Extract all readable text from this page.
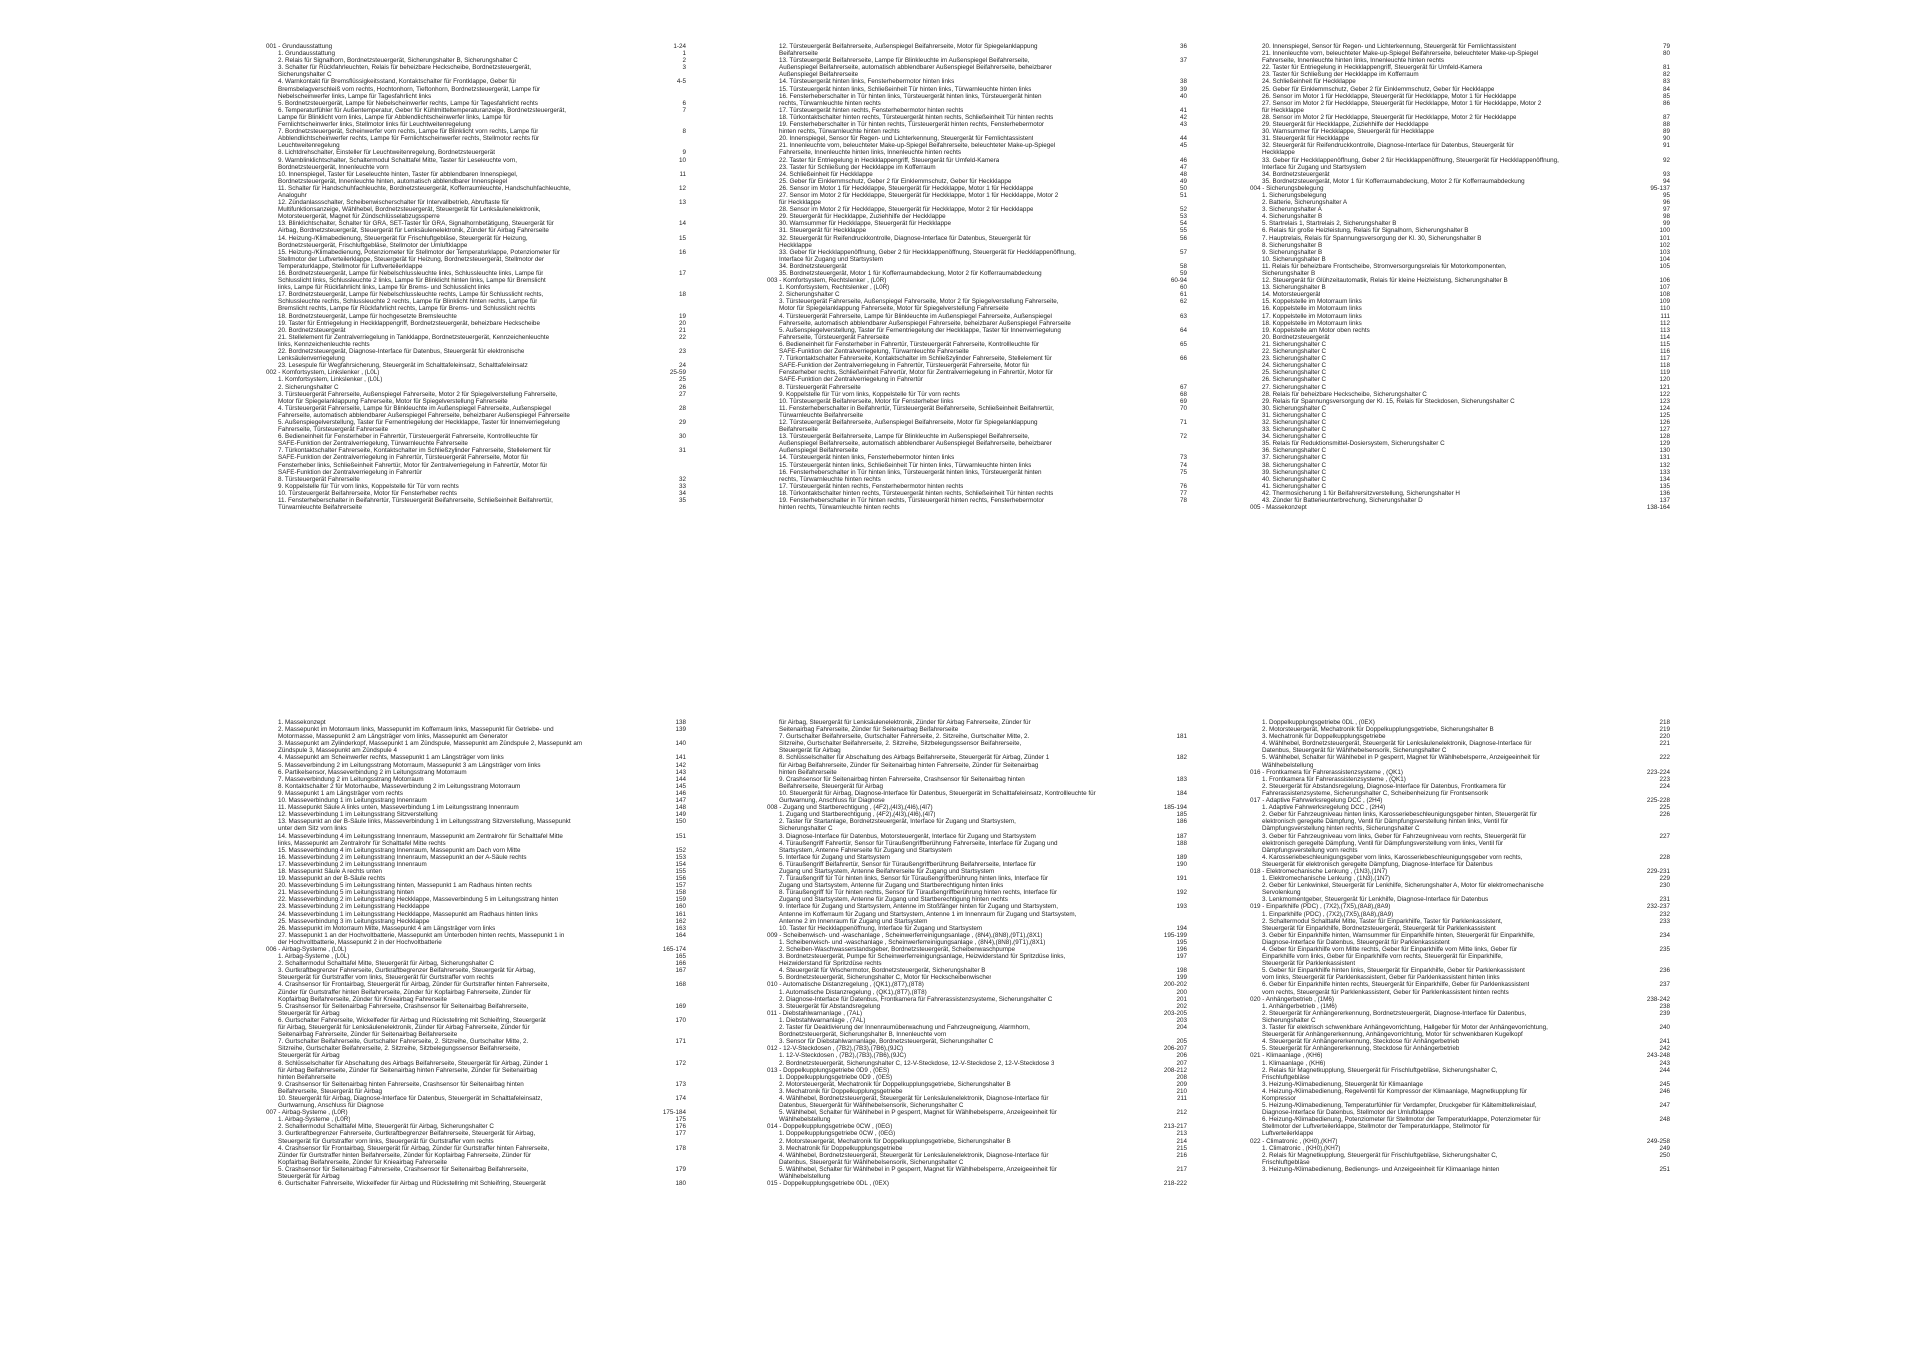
001 - Grundausstattung	1-24
1. Grundausstattung	1
2. Relais für Signalhorn, Bordnetzsteuergerät, Sicherungshalter B, Sicherungshalter C	2
3. Schalter für Rückfahrleuchten, Relais für beheizbare Heckscheibe, Bordnetzsteuergerät,	3
Sicherungshalter C
4. Warnkontakt für Bremsflüssigkeitsstand, Kontaktschalter für Frontklappe, Geber für	4-5
Bremsbelagverschleiß vorn rechts, Hochtonhorn, Tieftonhorn, Bordnetzsteuergerät, Lampe für
Nebelscheinwerfer links, Lampe für Tagesfahrlicht links
5. Bordnetzsteuergerät, Lampe für Nebelscheinwerfer rechts, Lampe für Tagesfahrlicht rechts	6
6. Temperaturfühler für Außentemperatur, Geber für Kühlmitteltemperaturanzeige, Bordnetzsteuergerät,	7
Lampe für Blinklicht vorn links, Lampe für Abblendlichtscheinwerfer links, Lampe für
Fernlichtscheinwerfer links, Stellmotor links für Leuchtweitenregelung
7. Bordnetzsteuergerät, Scheinwerfer vorn rechts, Lampe für Blinklicht vorn rechts, Lampe für	8
Abblendlichtscheinwerfer rechts, Lampe für Fernlichtscheinwerfer rechts, Stellmotor rechts für
Leuchtweitenregelung
8. Lichtdrehschalter, Einsteller für Leuchtweitenregelung, Bordnetzsteuergerät	9
9. Warnblinklichtschalter, Schaltermodul Schalttafel Mitte, Taster für Leseleuchte vorn,	10
Bordnetzsteuergerät, Innenleuchte vorn
10. Innenspiegel, Taster für Leseleuchte hinten, Taster für abblendbaren Innenspiegel,	11
Bordnetzsteuergerät, Innenleuchte hinten, automatisch abblendbarer Innenspiegel
11. Schalter für Handschuhfachleuchte, Bordnetzsteuergerät, Kofferraumleuchte, Handschuhfachleuchte,	12
Analoguhr
12. Zündanlassschalter, Scheibenwischerschalter für Intervallbetrieb, Abruftaste für	13
Multifunktionsanzeige, Wählhebel, Bordnetzsteuergerät, Steuergerät für Lenksäulenelektronik,
Motorsteuergerät, Magnet für Zündschlüsselabzugssperre
13. Blinklichtschalter, Schalter für GRA, SET-Taster für GRA, Signalhornbetätigung, Steuergerät für	14
Airbag, Bordnetzsteuergerät, Steuergerät für Lenksäulenelektronik, Zünder für Airbag Fahrerseite
14. Heizung-/Klimabedienung, Steuergerät für Frischluftgebläse, Steuergerät für Heizung,	15
Bordnetzsteuergerät, Frischluftgebläse, Stellmotor der Umluftklappe
15. Heizung-/Klimabedienung, Potenziometer für Stellmotor der Temperaturklappe, Potenziometer für	16
Stellmotor der Luftverteilerklappe, Steuergerät für Heizung, Bordnetzsteuergerät, Stellmotor der
Temperaturklappe, Stellmotor für Luftverteilerklappe
16. Bordnetzsteuergerät, Lampe für Nebelschlussleuchte links, Schlussleuchte links, Lampe für	17
Schlusslicht links, Schlussleuchte 2 links, Lampe für Blinklicht hinten links, Lampe für Bremslicht
links, Lampe für Rückfahrlicht links, Lampe für Brems- und Schlusslicht links
17. Bordnetzsteuergerät, Lampe für Nebelschlussleuchte rechts, Lampe für Schlusslicht rechts,	18
Schlussleuchte rechts, Schlussleuchte 2 rechts, Lampe für Blinklicht hinten rechts, Lampe für
Bremslicht rechts, Lampe für Rückfahrlicht rechts, Lampe für Brems- und Schlusslicht rechts
18. Bordnetzsteuergerät, Lampe für hochgesetzte Bremsleuchte	19
19. Taster für Entriegelung in Heckklappengriff, Bordnetzsteuergerät, beheizbare Heckscheibe	20
20. Bordnetzsteuergerät	21
21. Stellelement für Zentralverriegelung in Tankklappe, Bordnetzsteuergerät, Kennzeichenleuchte	22
links, Kennzeichenleuchte rechts
22. Bordnetzsteuergerät, Diagnose-Interface für Datenbus, Steuergerät für elektronische	23
Lenksäulenverriegelung
23. Lesespule für Wegfahrsicherung, Steuergerät im Schalttafeleinsatz, Schalttafeleinsatz	24
002 - Komfortsystem, Linkslenker , (L0L)	25-59
1. Komfortsystem, Linkslenker , (L0L)	25
2. Sicherungshalter C	26
3. Türsteuergerät Fahrerseite, Außenspiegel Fahrerseite, Motor 2 für Spiegelverstellung Fahrerseite,	27
Motor für Spiegelanklappung Fahrerseite, Motor für Spiegelverstellung Fahrerseite
4. Türsteuergerät Fahrerseite, Lampe für Blinkleuchte im Außenspiegel Fahrerseite, Außenspiegel	28
Fahrerseite, automatisch abblendbarer Außenspiegel Fahrerseite, beheizbarer Außenspiegel Fahrerseite
5. Außenspiegelverstellung, Taster für Fernentriegelung der Heckklappe, Taster für Innenverriegelung	29
Fahrerseite, Türsteuergerät Fahrerseite
6. Bedieneinheit für Fensterheber in Fahrertür, Türsteuergerät Fahrerseite, Kontrollleuchte für	30
SAFE-Funktion der Zentralverriegelung, Türwarnleuchte Fahrerseite
7. Türkontaktschalter Fahrerseite, Kontaktschalter im Schließzylinder Fahrerseite, Stellelement für	31
SAFE-Funktion der Zentralverriegelung in Fahrertür, Türsteuergerät Fahrerseite, Motor für
Fensterheber links, Schließeinheit Fahrertür, Motor für Zentralverriegelung in Fahrertür, Motor für
SAFE-Funktion der Zentralverriegelung in Fahrertür
8. Türsteuergerät Fahrerseite	32
9. Koppelstelle für Tür vorn links, Koppelstelle für Tür vorn rechts	33
10. Türsteuergerät Beifahrerseite, Motor für Fensterheber rechts	34
11. Fensterheberschalter in Beifahrertür, Türsteuergerät Beifahrerseite, Schließeinheit Beifahrertür,	35
Türwarnleuchte Beifahrerseite
12. Türsteuergerät Beifahrerseite, Außenspiegel Beifahrerseite, Motor für Spiegelanklappung	36
Beifahrerseite
13. Türsteuergerät Beifahrerseite, Lampe für Blinkleuchte im Außenspiegel Beifahrerseite,	37
Außenspiegel Beifahrerseite, automatisch abblendbarer Außenspiegel Beifahrerseite, beheizbarer
Außenspiegel Beifahrerseite
14. Türsteuergerät hinten links, Fensterhebermotor hinten links	38
15. Türsteuergerät hinten links, Schließeinheit Tür hinten links, Türwarnleuchte hinten links	39
16. Fensterheberschalter in Tür hinten links, Türsteuergerät hinten links, Türsteuergerät hinten	40
rechts, Türwarnleuchte hinten rechts
17. Türsteuergerät hinten rechts, Fensterhebermotor hinten rechts	41
18. Türkontaktschalter hinten rechts, Türsteuergerät hinten rechts, Schließeinheit Tür hinten rechts	42
19. Fensterheberschalter in Tür hinten rechts, Türsteuergerät hinten rechts, Fensterhebermotor	43
hinten rechts, Türwarnleuchte hinten rechts
20. Innenspiegel, Sensor für Regen- und Lichterkennung, Steuergerät für Fernlichtassistent	44
21. Innenleuchte vorn, beleuchteter Make-up-Spiegel Beifahrerseite, beleuchteter Make-up-Spiegel	45
Fahrerseite, Innenleuchte hinten links, Innenleuchte hinten rechts
22. Taster für Entriegelung in Heckklappengriff, Steuergerät für Umfeld-Kamera	46
23. Taster für Schließung der Heckklappe im Kofferraum	47
24. Schließeinheit für Heckklappe	48
25. Geber für Einklemmschutz, Geber 2 für Einklemmschutz, Geber für Heckklappe	49
26. Sensor im Motor 1 für Heckklappe, Steuergerät für Heckklappe, Motor 1 für Heckklappe	50
27. Sensor im Motor 2 für Heckklappe, Steuergerät für Heckklappe, Motor 1 für Heckklappe, Motor 2	51
für Heckklappe
28. Sensor im Motor 2 für Heckklappe, Steuergerät für Heckklappe, Motor 2 für Heckklappe	52
29. Steuergerät für Heckklappe, Zuziehhilfe der Heckklappe	53
30. Warnsummer für Heckklappe, Steuergerät für Heckklappe	54
31. Steuergerät für Heckklappe	55
32. Steuergerät für Reifendruckkontrolle, Diagnose-Interface für Datenbus, Steuergerät für	56
Heckklappe
33. Geber für Heckklappenöffnung, Geber 2 für Heckklappenöffnung, Steuergerät für Heckklappenöffnung,	57
Interface für Zugang und Startsystem
34. Bordnetzsteuergerät	58
35. Bordnetzsteuergerät, Motor 1 für Kofferraumabdeckung, Motor 2 für Kofferraumabdeckung	59
003 - Komfortsystem, Rechtslenker , (L0R)	60-94
1. Komfortsystem, Rechtslenker , (L0R)	60
2. Sicherungshalter C	61
3. Türsteuergerät Fahrerseite, Außenspiegel Fahrerseite, Motor 2 für Spiegelverstellung Fahrerseite,	62
Motor für Spiegelanklappung Fahrerseite, Motor für Spiegelverstellung Fahrerseite
4. Türsteuergerät Fahrerseite, Lampe für Blinkleuchte im Außenspiegel Fahrerseite, Außenspiegel	63
Fahrerseite, automatisch abblendbarer Außenspiegel Fahrerseite, beheizbarer Außenspiegel Fahrerseite
5. Außenspiegelverstellung, Taster für Fernentriegelung der Heckklappe, Taster für Innenverriegelung	64
Fahrerseite, Türsteuergerät Fahrerseite
6. Bedieneinheit für Fensterheber in Fahrertür, Türsteuergerät Fahrerseite, Kontrollleuchte für	65
SAFE-Funktion der Zentralverriegelung, Türwarnleuchte Fahrerseite
7. Türkontaktschalter Fahrerseite, Kontaktschalter im Schließzylinder Fahrerseite, Stellelement für	66
SAFE-Funktion der Zentralverriegelung in Fahrertür, Türsteuergerät Fahrerseite, Motor für
Fensterheber rechts, Schließeinheit Fahrertür, Motor für Zentralverriegelung in Fahrertür, Motor für
SAFE-Funktion der Zentralverriegelung in Fahrertür
8. Türsteuergerät Fahrerseite	67
9. Koppelstelle für Tür vorn links, Koppelstelle für Tür vorn rechts	68
10. Türsteuergerät Beifahrerseite, Motor für Fensterheber links	69
11. Fensterheberschalter in Beifahrertür, Türsteuergerät Beifahrerseite, Schließeinheit Beifahrertür,	70
Türwarnleuchte Beifahrerseite
12. Türsteuergerät Beifahrerseite, Außenspiegel Beifahrerseite, Motor für Spiegelanklappung	71
Beifahrerseite
13. Türsteuergerät Beifahrerseite, Lampe für Blinkleuchte im Außenspiegel Beifahrerseite,	72
Außenspiegel Beifahrerseite, automatisch abblendbarer Außenspiegel Beifahrerseite, beheizbarer
Außenspiegel Beifahrerseite
14. Türsteuergerät hinten links, Fensterhebermotor hinten links	73
15. Türsteuergerät hinten links, Schließeinheit Tür hinten links, Türwarnleuchte hinten links	74
16. Fensterheberschalter in Tür hinten links, Türsteuergerät hinten links, Türsteuergerät hinten	75
rechts, Türwarnleuchte hinten rechts
17. Türsteuergerät hinten rechts, Fensterhebermotor hinten rechts	76
18. Türkontaktschalter hinten rechts, Türsteuergerät hinten rechts, Schließeinheit Tür hinten rechts	77
19. Fensterheberschalter in Tür hinten rechts, Türsteuergerät hinten rechts, Fensterhebermotor	78
hinten rechts, Türwarnleuchte hinten rechts
20. Innenspiegel, Sensor für Regen- und Lichterkennung, Steuergerät für Fernlichtassistent	79
21. Innenleuchte vorn, beleuchteter Make-up-Spiegel Beifahrerseite, beleuchteter Make-up-Spiegel	80
Fahrerseite, Innenleuchte hinten links, Innenleuchte hinten rechts
22. Taster für Entriegelung in Heckklappengriff, Steuergerät für Umfeld-Kamera	81
23. Taster für Schließung der Heckklappe im Kofferraum	82
24. Schließeinheit für Heckklappe	83
25. Geber für Einklemmschutz, Geber 2 für Einklemmschutz, Geber für Heckklappe	84
26. Sensor im Motor 1 für Heckklappe, Steuergerät für Heckklappe, Motor 1 für Heckklappe	85
27. Sensor im Motor 2 für Heckklappe, Steuergerät für Heckklappe, Motor 1 für Heckklappe, Motor 2	86
für Heckklappe
28. Sensor im Motor 2 für Heckklappe, Steuergerät für Heckklappe, Motor 2 für Heckklappe	87
29. Steuergerät für Heckklappe, Zuziehhilfe der Heckklappe	88
30. Warnsummer für Heckklappe, Steuergerät für Heckklappe	89
31. Steuergerät für Heckklappe	90
32. Steuergerät für Reifendruckkontrolle, Diagnose-Interface für Datenbus, Steuergerät für	91
Heckklappe
33. Geber für Heckklappenöffnung, Geber 2 für Heckklappenöffnung, Steuergerät für Heckklappenöffnung,	92
Interface für Zugang und Startsystem
34. Bordnetzsteuergerät	93
35. Bordnetzsteuergerät, Motor 1 für Kofferraumabdeckung, Motor 2 für Kofferraumabdeckung	94
004 - Sicherungsbelegung	95-137
1. Sicherungsbelegung	95
2. Batterie, Sicherungshalter A	96
3. Sicherungshalter A	97
4. Sicherungshalter B	98
5. Startrelais 1, Startrelais 2, Sicherungshalter B	99
6. Relais für große Heizleistung, Relais für Signalhorn, Sicherungshalter B	100
7. Hauptrelais, Relais für Spannungsversorgung der Kl. 30, Sicherungshalter B	101
8. Sicherungshalter B	102
9. Sicherungshalter B	103
10. Sicherungshalter B	104
11. Relais für beheizbare Frontscheibe, Stromversorgungsrelais für Motorkomponenten,	105
Sicherungshalter B
12. Steuergerät für Glühzeitautomatik, Relais für kleine Heizleistung, Sicherungshalter B	106
13. Sicherungshalter B	107
14. Motorsteuergerät	108
15. Koppelstelle im Motorraum links	109
16. Koppelstelle im Motorraum links	110
17. Koppelstelle im Motorraum links	111
18. Koppelstelle im Motorraum links	112
19. Koppelstelle am Motor oben rechts	113
20. Bordnetzsteuergerät	114
21. Sicherungshalter C	115
22. Sicherungshalter C	116
23. Sicherungshalter C	117
24. Sicherungshalter C	118
25. Sicherungshalter C	119
26. Sicherungshalter C	120
27. Sicherungshalter C	121
28. Relais für beheizbare Heckscheibe, Sicherungshalter C	122
29. Relais für Spannungsversorgung der Kl. 15, Relais für Steckdosen, Sicherungshalter C	123
30. Sicherungshalter C	124
31. Sicherungshalter C	125
32. Sicherungshalter C	126
33. Sicherungshalter C	127
34. Sicherungshalter C	128
35. Relais für Reduktionsmittel-Dosiersystem, Sicherungshalter C	129
36. Sicherungshalter C	130
37. Sicherungshalter C	131
38. Sicherungshalter C	132
39. Sicherungshalter C	133
40. Sicherungshalter C	134
41. Sicherungshalter C	135
42. Thermosicherung 1 für Beifahrersitzverstellung, Sicherungshalter H	136
43. Zünder für Batterieunterbrechung, Sicherungshalter D	137
005 - Massekonzept	138-164
1. Massekonzept	138
2. Massepunkt im Motorraum links, Massepunkt im Kofferraum links, Massepunkt für Getriebe- und	139
Motormasse, Massepunkt 2 am Längsträger vorn links, Massepunkt am Generator
3. Massepunkt am Zylinderkopf, Massepunkt 1 am Zündspule, Massepunkt am Zündspule 2, Massepunkt am	140
Zündspule 3, Massepunkt am Zündspule 4
4. Massepunkt am Scheinwerfer rechts, Massepunkt 1 am Längsträger vorn links	141
5. Masseverbindung 2 im Leitungsstrang Motorraum, Massepunkt 3 am Längsträger vorn links	142
6. Partikelsensor, Masseverbindung 2 im Leitungsstrang Motorraum	143
7. Masseverbindung 2 im Leitungsstrang Motorraum	144
8. Kontaktschalter 2 für Motorhaube, Masseverbindung 2 im Leitungsstrang Motorraum	145
9. Massepunkt 1 am Längsträger vorn rechts	146
10. Masseverbindung 1 im Leitungsstrang Innenraum	147
11. Massepunkt Säule A links unten, Masseverbindung 1 im Leitungsstrang Innenraum	148
12. Masseverbindung 1 im Leitungsstrang Sitzverstellung	149
13. Massepunkt an der B-Säule links, Masseverbindung 1 im Leitungsstrang Sitzverstellung, Massepunkt	150
unter dem Sitz vorn links
14. Masseverbindung 4 im Leitungsstrang Innenraum, Massepunkt am Zentralrohr für Schalttafel Mitte	151
links, Massepunkt am Zentralrohr für Schalttafel Mitte rechts
15. Masseverbindung 4 im Leitungsstrang Innenraum, Massepunkt am Dach vorn Mitte	152
16. Masseverbindung 2 im Leitungsstrang Innenraum, Massepunkt an der A-Säule rechts	153
17. Masseverbindung 2 im Leitungsstrang Innenraum	154
18. Massepunkt Säule A rechts unten	155
19. Massepunkt an der B-Säule rechts	156
20. Masseverbindung 5 im Leitungsstrang hinten, Massepunkt 1 am Radhaus hinten rechts	157
21. Masseverbindung 5 im Leitungsstrang hinten	158
22. Masseverbindung 2 im Leitungsstrang Heckklappe, Masseverbindung 5 im Leitungsstrang hinten	159
23. Masseverbindung 2 im Leitungsstrang Heckklappe	160
24. Masseverbindung 1 im Leitungsstrang Heckklappe, Massepunkt am Radhaus hinten links	161
25. Masseverbindung 3 im Leitungsstrang Heckklappe	162
26. Massepunkt im Motorraum Mitte, Massepunkt 4 am Längsträger vorn links	163
27. Massepunkt 1 an der Hochvoltbatterie, Massepunkt am Unterboden hinten rechts, Massepunkt 1 in	164
der Hochvoltbatterie, Massepunkt 2 in der Hochvoltbatterie
006 - Airbag-Systeme , (L0L)	165-174
1. Airbag-Systeme , (L0L)	165
2. Schaltermodul Schalttafel Mitte, Steuergerät für Airbag, Sicherungshalter C	166
3. Gurtkraftbegrenzer Fahrerseite, Gurtkraftbegrenzer Beifahrerseite, Steuergerät für Airbag,	167
Steuergerät für Gurtstraffer vorn links, Steuergerät für Gurtstraffer vorn rechts
4. Crashsensor für Frontairbag, Steuergerät für Airbag, Zünder für Gurtstraffer hinten Fahrerseite,	168
Zünder für Gurtstraffer hinten Beifahrerseite, Zünder für Kopfairbag Fahrerseite, Zünder für
Kopfairbag Beifahrerseite, Zünder für Knieairbag Fahrerseite
5. Crashsensor für Seitenairbag Fahrerseite, Crashsensor für Seitenairbag Beifahrerseite,	169
Steuergerät für Airbag
6. Gurtschalter Fahrerseite, Wickelfeder für Airbag und Rückstellring mit Schleifring, Steuergerät	170
für Airbag, Steuergerät für Lenksäulenelektronik, Zünder für Airbag Fahrerseite, Zünder für
Seitenairbag Fahrerseite, Zünder für Seitenairbag Beifahrerseite
7. Gurtschalter Beifahrerseite, Gurtschalter Fahrerseite, 2. Sitzreihe, Gurtschalter Mitte, 2.	171
Sitzreihe, Gurtschalter Beifahrerseite, 2. Sitzreihe, Sitzbelegungssensor Beifahrerseite,
Steuergerät für Airbag
8. Schlüsselschalter für Abschaltung des Airbags Beifahrerseite, Steuergerät für Airbag, Zünder 1	172
für Airbag Beifahrerseite, Zünder für Seitenairbag hinten Fahrerseite, Zünder für Seitenairbag
hinten Beifahrerseite
9. Crashsensor für Seitenairbag hinten Fahrerseite, Crashsensor für Seitenairbag hinten	173
Beifahrerseite, Steuergerät für Airbag
10. Steuergerät für Airbag, Diagnose-Interface für Datenbus, Steuergerät im Schalttafeleinsatz,	174
Gurtwarnung, Anschluss für Diagnose
007 - Airbag-Systeme , (L0R)	175-184
1. Airbag-Systeme , (L0R)	175
2. Schaltermodul Schalttafel Mitte, Steuergerät für Airbag, Sicherungshalter C	176
3. Gurtkraftbegrenzer Fahrerseite, Gurtkraftbegrenzer Beifahrerseite, Steuergerät für Airbag,	177
Steuergerät für Gurtstraffer vorn links, Steuergerät für Gurtstraffer vorn rechts
4. Crashsensor für Frontairbag, Steuergerät für Airbag, Zünder für Gurtstraffer hinten Fahrerseite,	178
Zünder für Gurtstraffer hinten Beifahrerseite, Zünder für Kopfairbag Fahrerseite, Zünder für
Kopfairbag Beifahrerseite, Zünder für Knieairbag Fahrerseite
5. Crashsensor für Seitenairbag Fahrerseite, Crashsensor für Seitenairbag Beifahrerseite,	179
Steuergerät für Airbag
6. Gurtschalter Fahrerseite, Wickelfeder für Airbag und Rückstellring mit Schleifring, Steuergerät	180
für Airbag, Steuergerät für Lenksäulenelektronik, Zünder für Airbag Fahrerseite, Zünder für
Seitenairbag Fahrerseite, Zünder für Seitenairbag Beifahrerseite
7. Gurtschalter Beifahrerseite, Gurtschalter Fahrerseite, 2. Sitzreihe, Gurtschalter Mitte, 2.	181
Sitzreihe, Gurtschalter Beifahrerseite, 2. Sitzreihe, Sitzbelegungssensor Beifahrerseite,
Steuergerät für Airbag
8. Schlüsselschalter für Abschaltung des Airbags Beifahrerseite, Steuergerät für Airbag, Zünder 1	182
für Airbag Beifahrerseite, Zünder für Seitenairbag hinten Fahrerseite, Zünder für Seitenairbag
hinten Beifahrerseite
9. Crashsensor für Seitenairbag hinten Fahrerseite, Crashsensor für Seitenairbag hinten	183
Beifahrerseite, Steuergerät für Airbag
10. Steuergerät für Airbag, Diagnose-Interface für Datenbus, Steuergerät im Schalttafeleinsatz, Kontrollleuchte für	184
Gurtwarnung, Anschluss für Diagnose
008 - Zugang und Startberechtigung , (4F2),(4I3),(4I6),(4I7)	185-194
1. Zugang und Startberechtigung , (4F2),(4I3),(4I6),(4I7)	185
2. Taster für Startanlage, Bordnetzsteuergerät, Interface für Zugang und Startsystem,	186
Sicherungshalter C
3. Diagnose-Interface für Datenbus, Motorsteuergerät, Interface für Zugang und Startsystem	187
4. Türaußengriff Fahrertür, Sensor für Türaußengriffberührung Fahrerseite, Interface für Zugang und	188
Startsystem, Antenne Fahrerseite für Zugang und Startsystem
5. Interface für Zugang und Startsystem	189
6. Türaußengriff Beifahrertür, Sensor für Türaußengriffberührung Beifahrerseite, Interface für	190
Zugang und Startsystem, Antenne Beifahrerseite für Zugang und Startsystem
7. Türaußengriff für Tür hinten links, Sensor für Türaußengriffberührung hinten links, Interface für	191
Zugang und Startsystem, Antenne für Zugang und Startberechtigung hinten links
8. Türaußengriff für Tür hinten rechts, Sensor für Türaußengriffberührung hinten rechts, Interface für	192
Zugang und Startsystem, Antenne für Zugang und Startberechtigung hinten rechts
9. Interface für Zugang und Startsystem, Antenne im Stoßfänger hinten für Zugang und Startsystem,	193
Antenne im Kofferraum für Zugang und Startsystem, Antenne 1 im Innenraum für Zugang und Startsystem,
Antenne 2 im Innenraum für Zugang und Startsystem
10. Taster für Heckklappenöffnung, Interface für Zugang und Startsystem	194
009 - Scheibenwisch- und -waschanlage , Scheinwerferreinigungsanlage , (8N4),(8N8),(9T1),(8X1)	195-199
1. Scheibenwisch- und -waschanlage , Scheinwerferreinigungsanlage , (8N4),(8N8),(9T1),(8X1)	195
2. Scheiben-Waschwasserstandsgeber, Bordnetzsteuergerät, Scheibenwaschpumpe	196
3. Bordnetzsteuergerät, Pumpe für Scheinwerferreinigungsanlage, Heizwiderstand für Spritzdüse links,	197
Heizwiderstand für Spritzdüse rechts
4. Steuergerät für Wischermotor, Bordnetzsteuergerät, Sicherungshalter B	198
5. Bordnetzsteuergerät, Sicherungshalter C, Motor für Heckscheibenwischer	199
010 - Automatische Distanzregelung , (QK1),(8T7),(8T8)	200-202
1. Automatische Distanzregelung , (QK1),(8T7),(8T8)	200
2. Diagnose-Interface für Datenbus, Frontkamera für Fahrerassistenzsysteme, Sicherungshalter C	201
3. Steuergerät für Abstandsregelung	202
011 - Diebstahlwarnanlage , (7AL)	203-205
1. Diebstahlwarnanlage , (7AL)	203
2. Taster für Deaktivierung der Innenraumüberwachung und Fahrzeugneigung, Alarmhorn,	204
Bordnetzsteuergerät, Sicherungshalter B, Innenleuchte vorn
3. Sensor für Diebstahlwarnanlage, Bordnetzsteuergerät, Sicherungshalter C	205
012 - 12-V-Steckdosen , (7B2),(7B3),(7B6),(9JC)	206-207
1. 12-V-Steckdosen , (7B2),(7B3),(7B6),(9JC)	206
2. Bordnetzsteuergerät, Sicherungshalter C, 12-V-Steckdose, 12-V-Steckdose 2, 12-V-Steckdose 3	207
013 - Doppelkupplungsgetriebe 0D9 , (0ES)	208-212
1. Doppelkupplungsgetriebe 0D9 , (0ES)	208
2. Motorsteuergerät, Mechatronik für Doppelkupplungsgetriebe, Sicherungshalter B	209
3. Mechatronik für Doppelkupplungsgetriebe	210
4. Wählhebel, Bordnetzsteuergerät, Steuergerät für Lenksäulenelektronik, Diagnose-Interface für	211
Datenbus, Steuergerät für Wählhebelsensorik, Sicherungshalter C
5. Wählhebel, Schalter für Wählhebel in P gesperrt, Magnet für Wählhebelsperre, Anzeigeeinheit für	212
Wählhebelstellung
014 - Doppelkupplungsgetriebe 0CW , (0EG)	213-217
1. Doppelkupplungsgetriebe 0CW , (0EG)	213
2. Motorsteuergerät, Mechatronik für Doppelkupplungsgetriebe, Sicherungshalter B	214
3. Mechatronik für Doppelkupplungsgetriebe	215
4. Wählhebel, Bordnetzsteuergerät, Steuergerät für Lenksäulenelektronik, Diagnose-Interface für	216
Datenbus, Steuergerät für Wählhebelsensorik, Sicherungshalter C
5. Wählhebel, Schalter für Wählhebel in P gesperrt, Magnet für Wählhebelsperre, Anzeigeeinheit für	217
Wählhebelstellung
015 - Doppelkupplungsgetriebe 0DL , (0EX)	218-222
1. Doppelkupplungsgetriebe 0DL , (0EX)	218
2. Motorsteuergerät, Mechatronik für Doppelkupplungsgetriebe, Sicherungshalter B	219
3. Mechatronik für Doppelkupplungsgetriebe	220
4. Wählhebel, Bordnetzsteuergerät, Steuergerät für Lenksäulenelektronik, Diagnose-Interface für	221
Datenbus, Steuergerät für Wählhebelsensorik, Sicherungshalter C
5. Wählhebel, Schalter für Wählhebel in P gesperrt, Magnet für Wählhebelsperre, Anzeigeeinheit für	222
Wählhebelstellung
016 - Frontkamera für Fahrerassistenzsysteme , (QK1)	223-224
1. Frontkamera für Fahrerassistenzsysteme , (QK1)	223
2. Steuergerät für Abstandsregelung, Diagnose-Interface für Datenbus, Frontkamera für	224
Fahrerassistenzsysteme, Sicherungshalter C, Scheibenheizung für Frontsensorik
017 - Adaptive Fahrwerksregelung DCC , (2H4)	225-228
1. Adaptive Fahrwerksregelung DCC , (2H4)	225
2. Geber für Fahrzeugniveau hinten links, Karosseriebeschleunigungsgeber hinten, Steuergerät für	226
elektronisch geregelte Dämpfung, Ventil für Dämpfungsverstellung hinten links, Ventil für
Dämpfungsverstellung hinten rechts, Sicherungshalter C
3. Geber für Fahrzeugniveau vorn links, Geber für Fahrzeugniveau vorn rechts, Steuergerät für	227
elektronisch geregelte Dämpfung, Ventil für Dämpfungsverstellung vorn links, Ventil für
Dämpfungsverstellung vorn rechts
4. Karosseriebeschleunigungsgeber vorn links, Karosseriebeschleunigungsgeber vorn rechts,	228
Steuergerät für elektronisch geregelte Dämpfung, Diagnose-Interface für Datenbus
018 - Elektromechanische Lenkung , (1N3),(1N7)	229-231
1. Elektromechanische Lenkung , (1N3),(1N7)	229
2. Geber für Lenkwinkel, Steuergerät für Lenkhilfe, Sicherungshalter A, Motor für elektromechanische	230
Servolenkung
3. Lenkmomentgeber, Steuergerät für Lenkhilfe, Diagnose-Interface für Datenbus	231
019 - Einparkhilfe (PDC) , (7X2),(7X5),(8A8),(8A9)	232-237
1. Einparkhilfe (PDC) , (7X2),(7X5),(8A8),(8A9)	232
2. Schaltermodul Schalttafel Mitte, Taster für Einparkhilfe, Taster für Parklenkassistent,	233
Steuergerät für Einparkhilfe, Bordnetzsteuergerät, Steuergerät für Parklenkassistent
3. Geber für Einparkhilfe hinten, Warnsummer für Einparkhilfe hinten, Steuergerät für Einparkhilfe,	234
Diagnose-Interface für Datenbus, Steuergerät für Parklenkassistent
4. Geber für Einparkhilfe vorn Mitte rechts, Geber für Einparkhilfe vorn Mitte links, Geber für	235
Einparkhilfe vorn links, Geber für Einparkhilfe vorn rechts, Steuergerät für Einparkhilfe,
Steuergerät für Parklenkassistent
5. Geber für Einparkhilfe hinten links, Steuergerät für Einparkhilfe, Geber für Parklenkassistent	236
vorn links, Steuergerät für Parklenkassistent, Geber für Parklenkassistent hinten links
6. Geber für Einparkhilfe hinten rechts, Steuergerät für Einparkhilfe, Geber für Parklenkassistent	237
vorn rechts, Steuergerät für Parklenkassistent, Geber für Parklenkassistent hinten rechts
020 - Anhängerbetrieb , (1M6)	238-242
1. Anhängerbetrieb , (1M6)	238
2. Steuergerät für Anhängererkennung, Bordnetzsteuergerät, Diagnose-Interface für Datenbus,	239
Sicherungshalter C
3. Taster für elektrisch schwenkbare Anhängevorrichtung, Hallgeber für Motor der Anhängevorrichtung,	240
Steuergerät für Anhängererkennung, Anhängevorrichtung, Motor für schwenkbaren Kugelkopf
4. Steuergerät für Anhängererkennung, Steckdose für Anhängerbetrieb	241
5. Steuergerät für Anhängererkennung, Steckdose für Anhängerbetrieb	242
021 - Klimaanlage , (KH6)	243-248
1. Klimaanlage , (KH6)	243
2. Relais für Magnetkupplung, Steuergerät für Frischluftgebläse, Sicherungshalter C,	244
Frischluftgebläse
3. Heizung-/Klimabedienung, Steuergerät für Klimaanlage	245
4. Heizung-/Klimabedienung, Regelventil für Kompressor der Klimaanlage, Magnetkupplung für	246
Kompressor
5. Heizung-/Klimabedienung, Temperaturfühler für Verdampfer, Druckgeber für Kältemittelkreislauf,	247
Diagnose-Interface für Datenbus, Stellmotor der Umluftklappe
6. Heizung-/Klimabedienung, Potenziometer für Stellmotor der Temperaturklappe, Potenziometer für	248
Stellmotor der Luftverteilerklappe, Stellmotor der Temperaturklappe, Stellmotor für
Luftverteilerklappe
022 - Climatronic , (KH0),(KH7)	249-258
1. Climatronic , (KH0),(KH7)	249
2. Relais für Magnetkupplung, Steuergerät für Frischluftgebläse, Sicherungshalter C,	250
Frischluftgebläse
3. Heizung-/Klimabedienung, Bedienungs- und Anzeigeeinheit für Klimaanlage hinten	251
